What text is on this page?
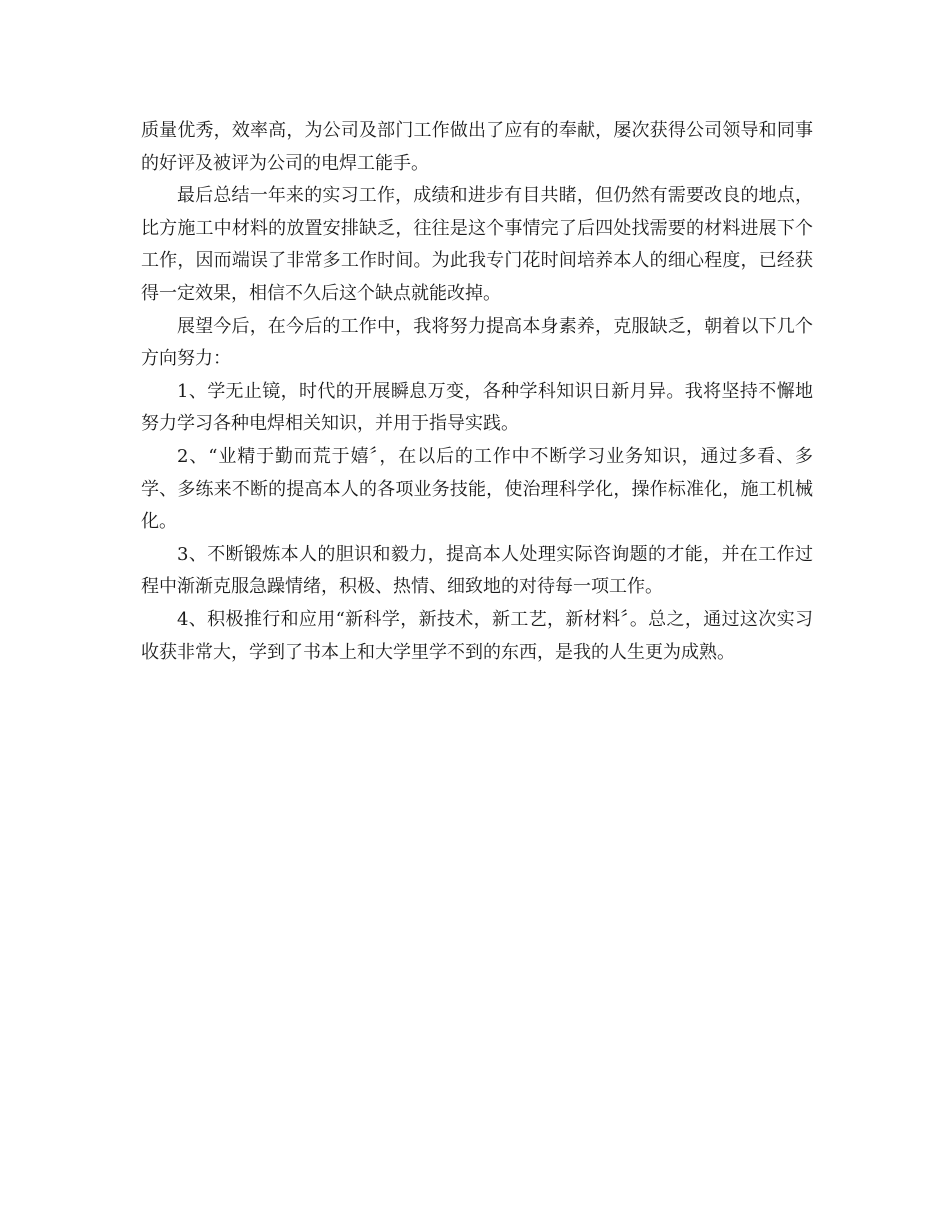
质量优秀，效率高，为公司及部门工作做出了应有的奉献，屡次获得公司领导和同事的好评及被评为公司的电焊工能手。

最后总结一年来的实习工作，成绩和进步有目共睹，但仍然有需要改良的地点，比方施工中材料的放置安排缺乏，往往是这个事情完了后四处找需要的材料进展下个工作，因而端误了非常多工作时间。为此我专门花时间培养本人的细心程度，已经获得一定效果，相信不久后这个缺点就能改掉。

展望今后，在今后的工作中，我将努力提高本身素养，克服缺乏，朝着以下几个方向努力：

1、学无止镜，时代的开展瞬息万变，各种学科知识日新月异。我将坚持不懈地努力学习各种电焊相关知识，并用于指导实践。

2、“业精于勤而荒于嬉〞，在以后的工作中不断学习业务知识，通过多看、多学、多练来不断的提高本人的各项业务技能，使治理科学化，操作标准化，施工机械化。

3、不断锻炼本人的胆识和毅力，提高本人处理实际咨询题的才能，并在工作过程中渐渐克服急躁情绪，积极、热情、细致地的对待每一项工作。

4、积极推行和应用“新科学，新技术，新工艺，新材料〞。总之，通过这次实习收获非常大，学到了书本上和大学里学不到的东西，是我的人生更为成熟。
